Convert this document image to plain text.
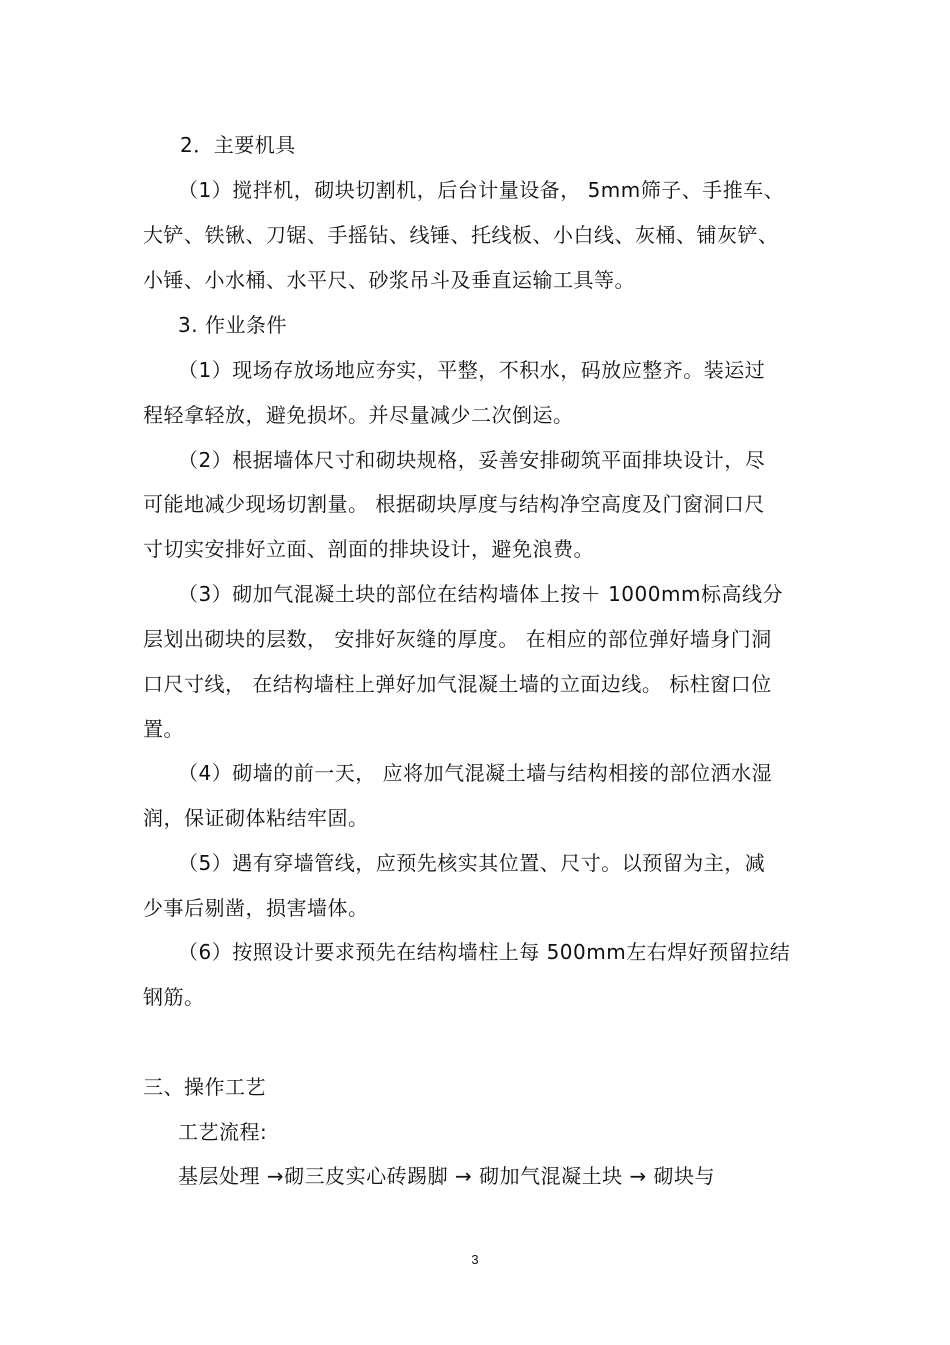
2．主要机具
（1）搅拌机，砌块切割机，后台计量设备， 5mm筛子、手推车、
大铲、铁锹、刀锯、手摇钻、线锤、托线板、小白线、灰桶、铺灰铲、
小锤、小水桶、水平尺、砂浆吊斗及垂直运输工具等。
3. 作业条件
（1）现场存放场地应夯实，平整，不积水，码放应整齐。装运过
程轻拿轻放，避免损坏。并尽量减少二次倒运。
（2）根据墙体尺寸和砌块规格，妥善安排砌筑平面排块设计，尽
可能地减少现场切割量。 根据砌块厚度与结构净空高度及门窗洞口尺
寸切实安排好立面、剖面的排块设计，避免浪费。
（3）砌加气混凝土块的部位在结构墙体上按＋ 1000mm标高线分
层划出砌块的层数， 安排好灰缝的厚度。 在相应的部位弹好墙身门洞
口尺寸线， 在结构墙柱上弹好加气混凝土墙的立面边线。 标柱窗口位
置。
（4）砌墙的前一天， 应将加气混凝土墙与结构相接的部位洒水湿
润，保证砌体粘结牢固。
（5）遇有穿墙管线，应预先核实其位置、尺寸。以预留为主，减
少事后剔凿，损害墙体。
（6）按照设计要求预先在结构墙柱上每 500mm左右焊好预留拉结
钢筋。
三、操作工艺
工艺流程:
基层处理 →砌三皮实心砖踢脚 → 砌加气混凝土块 → 砌块与
3
